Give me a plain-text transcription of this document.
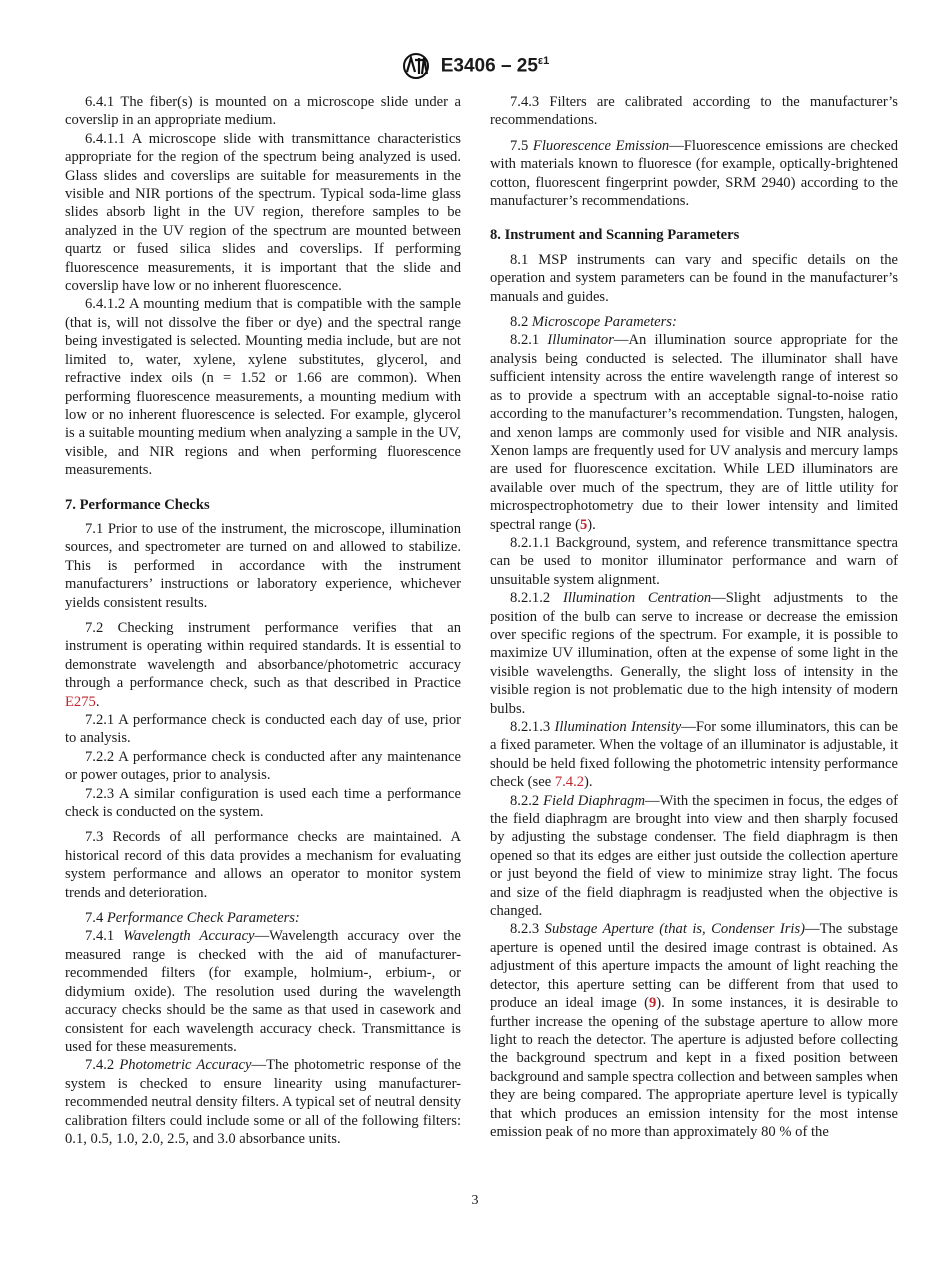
$E3406 - 25^{\varepsilon 1}$

6.4.1 The fiber(s) is mounted on a microscope slide under a coverslip in an appropriate medium.

6.4.1.1 A microscope slide with transmittance characteristics appropriate for the region of the spectrum being analyzed is used. Glass slides and coverslips are suitable for measurements in the visible and NIR portions of the spectrum. Typical soda-lime glass slides absorb light in the UV region, therefore samples to be analyzed in the UV region of the spectrum are mounted between quartz or fused silica slides and coverslips. If performing fluorescence measurements, it is important that the slide and coverslip have low or no inherent fluorescence.

6.4.1.2 A mounting medium that is compatible with the sample (that is, will not dissolve the fiber or dye) and the spectral range being investigated is selected. Mounting media include, but are not limited to, water, xylene, xylene substitutes, glycerol, and refractive index oils (n = 1.52 or 1.66 are common). When performing fluorescence measurements, a mounting medium with low or no inherent fluorescence is selected. For example, glycerol is a suitable mounting medium when analyzing a sample in the UV, visible, and NIR regions and when performing fluorescence measurements.

7. Performance Checks

7.1 Prior to use of the instrument, the microscope, illumination sources, and spectrometer are turned on and allowed to stabilize. This is performed in accordance with the instrument manufacturers’ instructions or laboratory experience, whichever yields consistent results.

7.2 Checking instrument performance verifies that an instrument is operating within required standards. It is essential to demonstrate wavelength and absorbance/photometric accuracy through a performance check, such as that described in Practice E275.

7.2.1 A performance check is conducted each day of use, prior to analysis.

7.2.2 A performance check is conducted after any maintenance or power outages, prior to analysis.

7.2.3 A similar configuration is used each time a performance check is conducted on the system.

7.3 Records of all performance checks are maintained. A historical record of this data provides a mechanism for evaluating system performance and allows an operator to monitor system trends and deterioration.

7.4 Performance Check Parameters:

7.4.1 Wavelength Accuracy—Wavelength accuracy over the measured range is checked with the aid of manufacturer-recommended filters (for example, holmium-, erbium-, or didymium oxide). The resolution used during the wavelength accuracy checks should be the same as that used in casework and consistent for each wavelength accuracy check. Transmittance is used for these measurements.

7.4.2 Photometric Accuracy—The photometric response of the system is checked to ensure linearity using manufacturer-recommended neutral density filters. A typical set of neutral density calibration filters could include some or all of the following filters: 0.1, 0.5, 1.0, 2.0, 2.5, and 3.0 absorbance units.

7.4.3 Filters are calibrated according to the manufacturer’s recommendations.

7.5 Fluorescence Emission—Fluorescence emissions are checked with materials known to fluoresce (for example, optically-brightened cotton, fluorescent fingerprint powder, SRM 2940) according to the manufacturer’s recommendations.

8. Instrument and Scanning Parameters

8.1 MSP instruments can vary and specific details on the operation and system parameters can be found in the manufacturer’s manuals and guides.

8.2 Microscope Parameters:

8.2.1 Illuminator—An illumination source appropriate for the analysis being conducted is selected. The illuminator shall have sufficient intensity across the entire wavelength range of interest so as to provide a spectrum with an acceptable signal-to-noise ratio according to the manufacturer’s recommendation. Tungsten, halogen, and xenon lamps are commonly used for visible and NIR analysis. Xenon lamps are frequently used for UV analysis and mercury lamps are used for fluorescence excitation. While LED illuminators are available over much of the spectrum, they are of little utility for microspectrophotometry due to their lower intensity and limited spectral range (5).

8.2.1.1 Background, system, and reference transmittance spectra can be used to monitor illuminator performance and warn of unsuitable system alignment.

8.2.1.2 Illumination Centration—Slight adjustments to the position of the bulb can serve to increase or decrease the emission over specific regions of the spectrum. For example, it is possible to maximize UV illumination, often at the expense of some light in the visible wavelengths. Generally, the slight loss of intensity in the visible region is not problematic due to the high intensity of modern bulbs.

8.2.1.3 Illumination Intensity—For some illuminators, this can be a fixed parameter. When the voltage of an illuminator is adjustable, it should be held fixed following the photometric intensity performance check (see 7.4.2).

8.2.2 Field Diaphragm—With the specimen in focus, the edges of the field diaphragm are brought into view and then sharply focused by adjusting the substage condenser. The field diaphragm is then opened so that its edges are either just outside the collection aperture or just beyond the field of view to minimize stray light. The focus and size of the field diaphragm is readjusted when the objective is changed.

8.2.3 Substage Aperture (that is, Condenser Iris)—The substage aperture is opened until the desired image contrast is obtained. As adjustment of this aperture impacts the amount of light reaching the detector, this aperture setting can be different from that used to produce an ideal image (9). In some instances, it is desirable to further increase the opening of the substage aperture to allow more light to reach the detector. The aperture is adjusted before collecting the background spectrum and kept in a fixed position between background and sample spectra collection and between samples when they are being compared. The appropriate aperture level is typically that which produces an emission intensity for the most intense emission peak of no more than approximately 80 % of the

3
